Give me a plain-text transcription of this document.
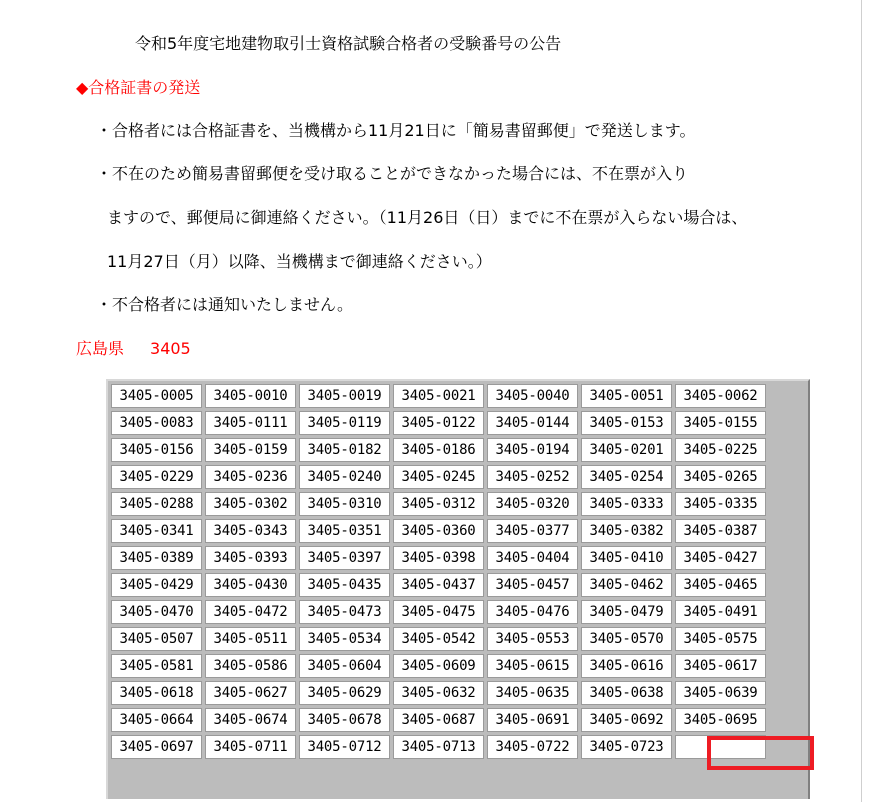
令和5年度宅地建物取引士資格試験合格者の受験番号の公告
◆合格証書の発送
・合格者には合格証書を、当機構から11月21日に「簡易書留郵便」で発送します。
・不在のため簡易書留郵便を受け取ることができなかった場合には、不在票が入り
ますので、郵便局に御連絡ください。（11月26日（日）までに不在票が入らない場合は、
11月27日（月）以降、当機構まで御連絡ください。）
・不合格者には通知いたしません。
広島県 3405
3405-0005	3405-0010	3405-0019	3405-0021	3405-0040	3405-0051	3405-0062
3405-0083	3405-0111	3405-0119	3405-0122	3405-0144	3405-0153	3405-0155
3405-0156	3405-0159	3405-0182	3405-0186	3405-0194	3405-0201	3405-0225
3405-0229	3405-0236	3405-0240	3405-0245	3405-0252	3405-0254	3405-0265
3405-0288	3405-0302	3405-0310	3405-0312	3405-0320	3405-0333	3405-0335
3405-0341	3405-0343	3405-0351	3405-0360	3405-0377	3405-0382	3405-0387
3405-0389	3405-0393	3405-0397	3405-0398	3405-0404	3405-0410	3405-0427
3405-0429	3405-0430	3405-0435	3405-0437	3405-0457	3405-0462	3405-0465
3405-0470	3405-0472	3405-0473	3405-0475	3405-0476	3405-0479	3405-0491
3405-0507	3405-0511	3405-0534	3405-0542	3405-0553	3405-0570	3405-0575
3405-0581	3405-0586	3405-0604	3405-0609	3405-0615	3405-0616	3405-0617
3405-0618	3405-0627	3405-0629	3405-0632	3405-0635	3405-0638	3405-0639
3405-0664	3405-0674	3405-0678	3405-0687	3405-0691	3405-0692	3405-0695
3405-0697	3405-0711	3405-0712	3405-0713	3405-0722	3405-0723	
